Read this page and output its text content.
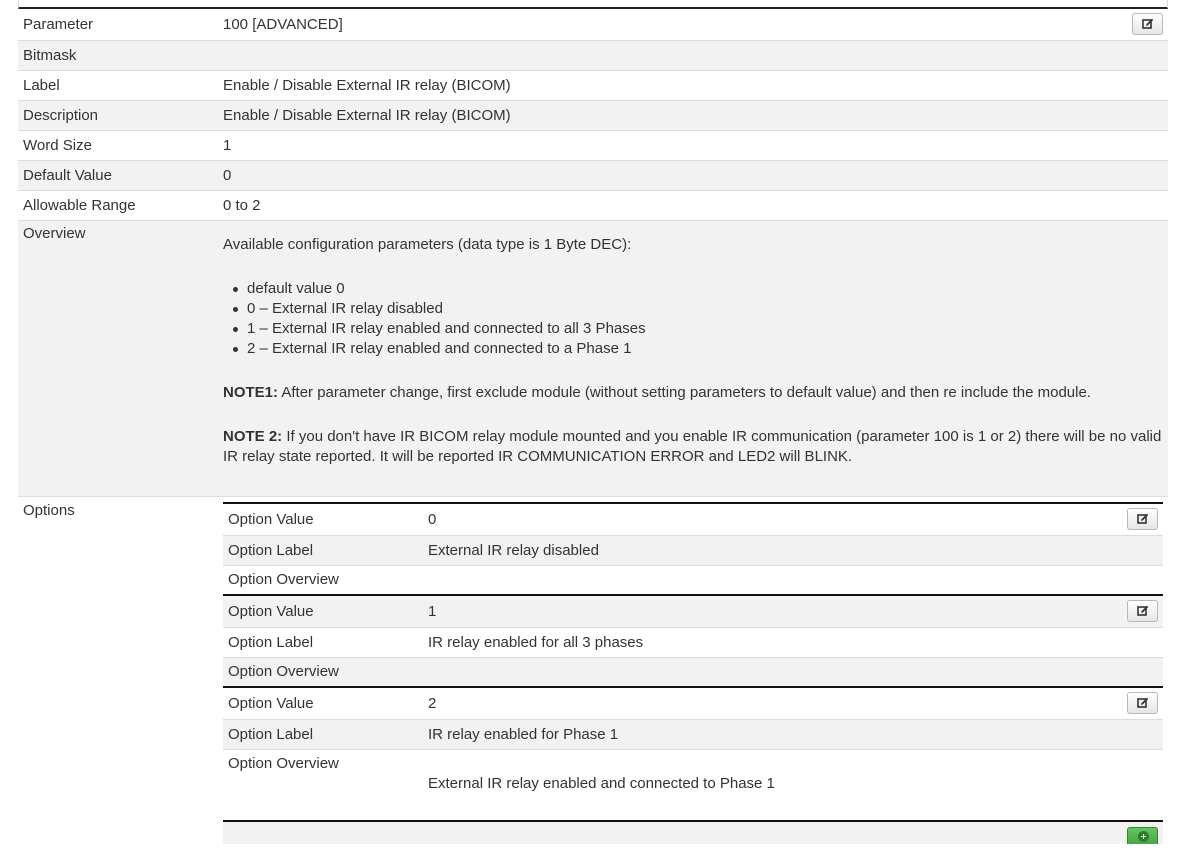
Parameter	100 [ADVANCED]

Bitmask	
Label	Enable / Disable External IR relay (BICOM)
Description	Enable / Disable External IR relay (BICOM)
Word Size	1
Default Value	0
Allowable Range	0 to 2
Overview	

Available configuration parameters (data type is 1 Byte DEC):

default value 0
0 – External IR relay disabled
1 – External IR relay enabled and connected to all 3 Phases
2 – External IR relay enabled and connected to a Phase 1

NOTE1: After parameter change, first exclude module (without setting parameters to default value) and then re include the module.

NOTE 2: If you don't have IR BICOM relay module mounted and you enable IR communication (parameter 100 is 1 or 2) there will be no valid IR relay state reported. It will be reported IR COMMUNICATION ERROR and LED2 will BLINK.

Options	
Option Value	0

Option Label	External IR relay disabled
Option Overview	
Option Value	1

Option Label	IR relay enabled for all 3 phases
Option Overview	
Option Value	2

Option Label	IR relay enabled for Phase 1
Option Overview	
External IR relay enabled and connected to Phase 1
